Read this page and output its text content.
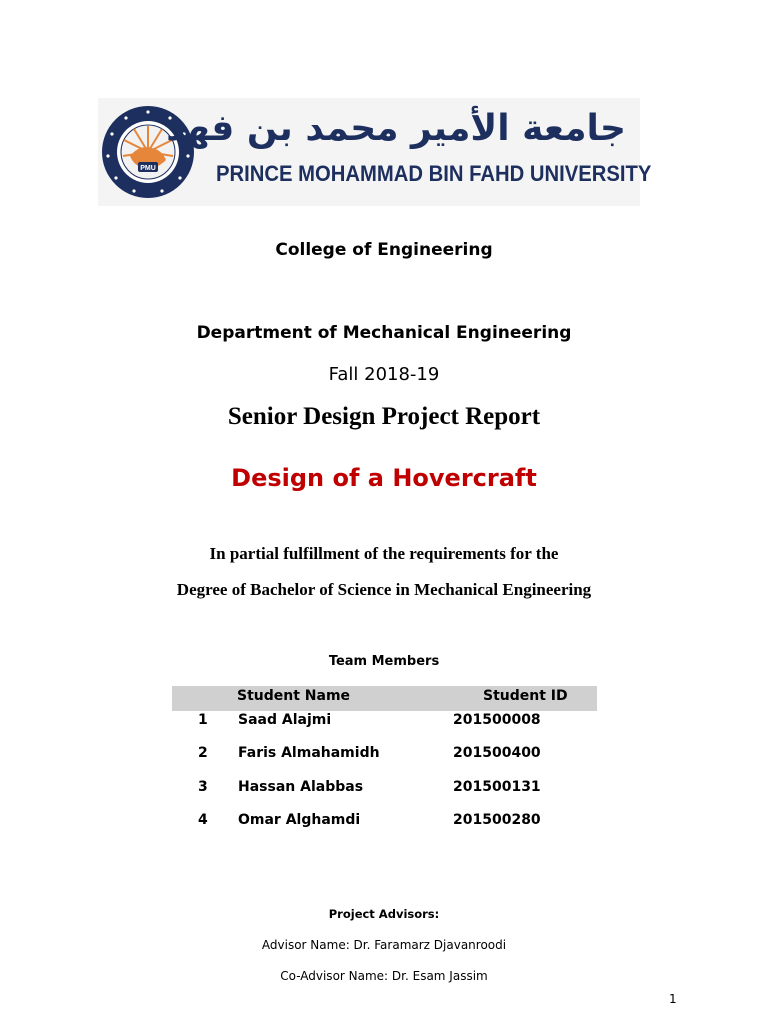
PMU
جامعة الأمير محمد بن فهد
PRINCE MOHAMMAD BIN FAHD UNIVERSITY
College of Engineering
Department of Mechanical Engineering
Fall 2018-19
Senior Design Project Report
Design of a Hovercraft
In partial fulfillment of the requirements for the
Degree of Bachelor of Science in Mechanical Engineering
Team Members
Student Name	Student ID
1 Saad Alajmi	201500008
2 Faris Almahamidh	201500400
3 Hassan Alabbas	201500131
4 Omar Alghamdi	201500280
Project Advisors:
Advisor Name: Dr. Faramarz Djavanroodi
Co-Advisor Name: Dr. Esam Jassim
1
